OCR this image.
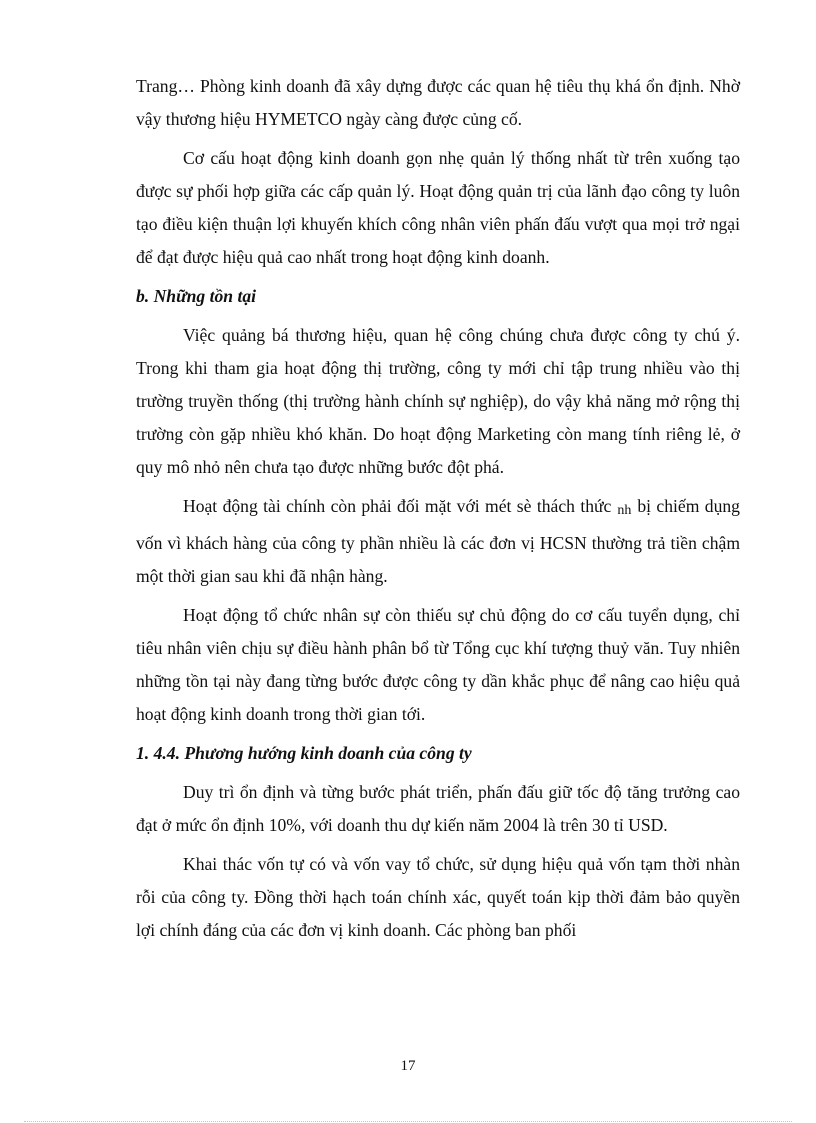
Trang… Phòng kinh doanh đã xây dựng được các quan hệ tiêu thụ khá ổn định. Nhờ vậy thương hiệu HYMETCO ngày càng được củng cố.

Cơ cấu hoạt động kinh doanh gọn nhẹ quản lý thống nhất từ trên xuống tạo được sự phối hợp giữa các cấp quản lý. Hoạt động quản trị của lãnh đạo công ty luôn tạo điều kiện thuận lợi khuyến khích công nhân viên phấn đấu vượt qua mọi trở ngại để đạt được hiệu quả cao nhất trong hoạt động kinh doanh.

b. Những tồn tại

Việc quảng bá thương hiệu, quan hệ công chúng chưa được công ty chú ý. Trong khi tham gia hoạt động thị trường, công ty mới chỉ tập trung nhiều vào thị trường truyền thống (thị trường hành chính sự nghiệp), do vậy khả năng mở rộng thị trường còn gặp nhiều khó khăn. Do hoạt động Marketing còn mang tính riêng lẻ, ở quy mô nhỏ nên chưa tạo được những bước đột phá.

Hoạt động tài chính còn phải đối mặt với mét sè thách thức nh bị chiếm dụng vốn vì khách hàng của công ty phần nhiều là các đơn vị HCSN thường trả tiền chậm một thời gian sau khi đã nhận hàng.

Hoạt động tổ chức nhân sự còn thiếu sự chủ động do cơ cấu tuyển dụng, chỉ tiêu nhân viên chịu sự điều hành phân bổ từ Tổng cục khí tượng thuỷ văn. Tuy nhiên những tồn tại này đang từng bước được công ty dần khắc phục để nâng cao hiệu quả hoạt động kinh doanh trong thời gian tới.

1. 4.4. Phương hướng kinh doanh của công ty

Duy trì ổn định và từng bước phát triển, phấn đấu giữ tốc độ tăng trưởng cao đạt ở mức ổn định 10%, với doanh thu dự kiến năm 2004 là trên 30 tỉ USD.

Khai thác vốn tự có và vốn vay tổ chức, sử dụng hiệu quả vốn tạm thời nhàn rỗi của công ty. Đồng thời hạch toán chính xác, quyết toán kịp thời đảm bảo quyền lợi chính đáng của các đơn vị kinh doanh. Các phòng ban phối

17
